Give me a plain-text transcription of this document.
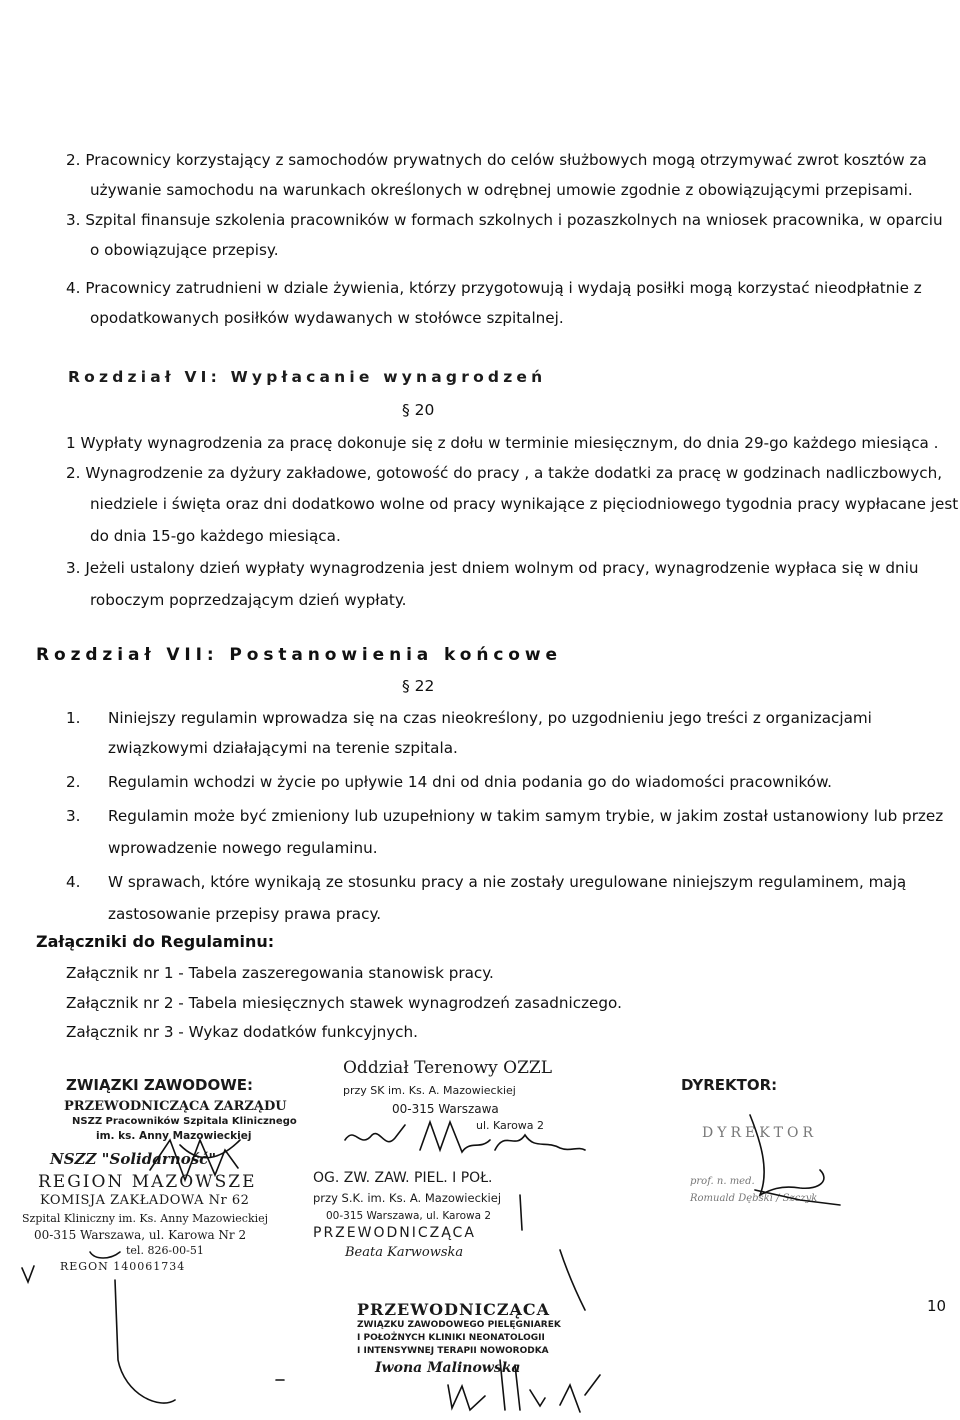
2. Pracownicy korzystający z samochodów prywatnych do celów służbowych mogą otrzymywać zwrot kosztów za
używanie samochodu na warunkach określonych w odrębnej umowie zgodnie z obowiązującymi przepisami.
3. Szpital finansuje szkolenia pracowników w formach szkolnych i pozaszkolnych na wniosek pracownika, w oparciu
o obowiązujące przepisy.
4. Pracownicy zatrudnieni w dziale żywienia, którzy przygotowują i wydają posiłki mogą korzystać nieodpłatnie z
opodatkowanych posiłków wydawanych w stołówce szpitalnej.
Rozdział VI: Wypłacanie wynagrodzeń
§ 20
1 Wypłaty wynagrodzenia za pracę dokonuje się z dołu w terminie miesięcznym, do dnia 29-go każdego miesiąca .
2. Wynagrodzenie za dyżury zakładowe, gotowość do pracy , a także dodatki za pracę w godzinach nadliczbowych,
niedziele i święta oraz dni dodatkowo wolne od pracy wynikające z pięciodniowego tygodnia pracy wypłacane jest
do dnia 15-go każdego miesiąca.
3. Jeżeli ustalony dzień wypłaty wynagrodzenia jest dniem wolnym od pracy, wynagrodzenie wypłaca się w dniu
roboczym poprzedzającym dzień wypłaty.
Rozdział VII: Postanowienia końcowe
§ 22
1. Niniejszy regulamin wprowadza się na czas nieokreślony, po uzgodnieniu jego treści z organizacjami
związkowymi działającymi na terenie szpitala.
2. Regulamin wchodzi w życie po upływie 14 dni od dnia podania go do wiadomości pracowników.
3. Regulamin może być zmieniony lub uzupełniony w takim samym trybie, w jakim został ustanowiony lub przez
wprowadzenie nowego regulaminu.
4. W sprawach, które wynikają ze stosunku pracy a nie zostały uregulowane niniejszym regulaminem, mają
zastosowanie przepisy prawa pracy.
Załączniki do Regulaminu:
Załącznik nr 1 - Tabela zaszeregowania stanowisk pracy.
Załącznik nr 2 - Tabela miesięcznych stawek wynagrodzeń zasadniczego.
Załącznik nr 3 - Wykaz dodatków funkcyjnych.
ZWIĄZKI ZAWODOWE:	DYREKTOR:
PRZEWODNICZĄCA ZARZĄDU
NSZZ Pracowników Szpitala Klinicznego
im. ks. Anny Mazowieckiej
NSZZ "Solidarność"
REGION MAZOWSZE
KOMISJA ZAKŁADOWA Nr 62
Szpital Kliniczny im. Ks. Anny Mazowieckiej
00-315 Warszawa, ul. Karowa Nr 2
tel. 826-00-51
REGON 140061734
Oddział Terenowy OZZL
przy SK im. Ks. A. Mazowieckiej
00-315 Warszawa
ul. Karowa 2
OG. ZW. ZAW. PIEL. I POŁ.
przy S.K. im. Ks. A. Mazowieckiej
00-315 Warszawa, ul. Karowa 2
PRZEWODNICZĄCA
Beata Karwowska
DYREKTOR
prof. n. med.
Romuald Dębski / Szczyk
PRZEWODNICZĄCA
ZWIĄZKU ZAWODOWEGO PIELĘGNIAREK
I POŁOŻNYCH KLINIKI NEONATOLOGII
I INTENSYWNEJ TERAPII NOWORODKA
Iwona Malinowska
10
